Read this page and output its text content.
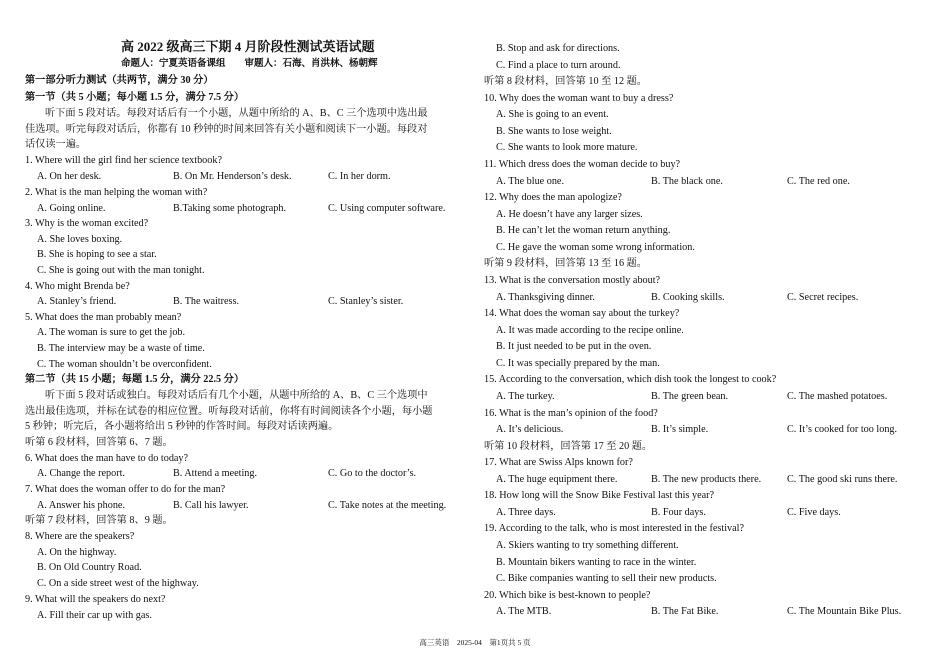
高 2022 级高三下期 4 月阶段性测试英语试题
命题人：宁夏英语备课组　　审题人：石海、肖洪林、杨朝辉
第一部分听力测试（共两节，满分 30 分）
第一节（共 5 小题；每小题 1.5 分，满分 7.5 分）
听下面 5 段对话。每段对话后有一个小题，从题中所给的 A、B、C 三个选项中选出最
佳选项。听完每段对话后，你都有 10 秒钟的时间来回答有关小题和阅读下一小题。每段对
话仅读一遍。
1. Where will the girl find her science textbook?
A. On her desk.	B. On Mr. Henderson’s desk.	C. In her dorm.
2. What is the man helping the woman with?
A. Going online.	B.Taking some photograph.	C. Using computer software.
3. Why is the woman excited?
A. She loves boxing.
B. She is hoping to see a star.
C. She is going out with the man tonight.
4. Who might Brenda be?
A. Stanley’s friend.	B. The waitress.	C. Stanley’s sister.
5. What does the man probably mean?
A. The woman is sure to get the job.
B. The interview may be a waste of time.
C. The woman shouldn’t be overconfident.
第二节（共 15 小题；每题 1.5 分，满分 22.5 分）
听下面 5 段对话或独白。每段对话后有几个小题，从题中所给的 A、B、C 三个选项中
选出最佳选项，并标在试卷的相应位置。听每段对话前，你将有时间阅读各个小题，每小题
5 秒钟；听完后，各小题将给出 5 秒钟的作答时间。每段对话读两遍。
听第 6 段材料，回答第 6、7 题。
6. What does the man have to do today?
A. Change the report.	B. Attend a meeting.	C. Go to the doctor’s.
7. What does the woman offer to do for the man?
A. Answer his phone.	B. Call his lawyer.	C. Take notes at the meeting.
听第 7 段材料，回答第 8、9 题。
8. Where are the speakers?
A. On the highway.
B. On Old Country Road.
C. On a side street west of the highway.
9. What will the speakers do next?
A. Fill their car up with gas.
B. Stop and ask for directions.
C. Find a place to turn around.
听第 8 段材料，回答第 10 至 12 题。
10. Why does the woman want to buy a dress?
A. She is going to an event.
B. She wants to lose weight.
C. She wants to look more mature.
11. Which dress does the woman decide to buy?
A. The blue one.	B. The black one.	C. The red one.
12. Why does the man apologize?
A. He doesn’t have any larger sizes.
B. He can’t let the woman return anything.
C. He gave the woman some wrong information.
听第 9 段材料，回答第 13 至 16 题。
13. What is the conversation mostly about?
A. Thanksgiving dinner.	B. Cooking skills.	C. Secret recipes.
14. What does the woman say about the turkey?
A. It was made according to the recipe online.
B. It just needed to be put in the oven.
C. It was specially prepared by the man.
15. According to the conversation, which dish took the longest to cook?
A. The turkey.	B. The green bean.	C. The mashed potatoes.
16. What is the man’s opinion of the food?
A. It’s delicious.	B. It’s simple.	C. It’s cooked for too long.
听第 10 段材料，回答第 17 至 20 题。
17. What are Swiss Alps known for?
A. The huge equipment there.	B. The new products there.	C. The good ski runs there.
18. How long will the Snow Bike Festival last this year?
A. Three days.	B. Four days.	C. Five days.
19. According to the talk, who is most interested in the festival?
A. Skiers wanting to try something different.
B. Mountain bikers wanting to race in the winter.
C. Bike companies wanting to sell their new products.
20. Which bike is best-known to people?
A. The MTB.	B. The Fat Bike.	C. The Mountain Bike Plus.
高三英语　2025-04　第1页共 5 页
